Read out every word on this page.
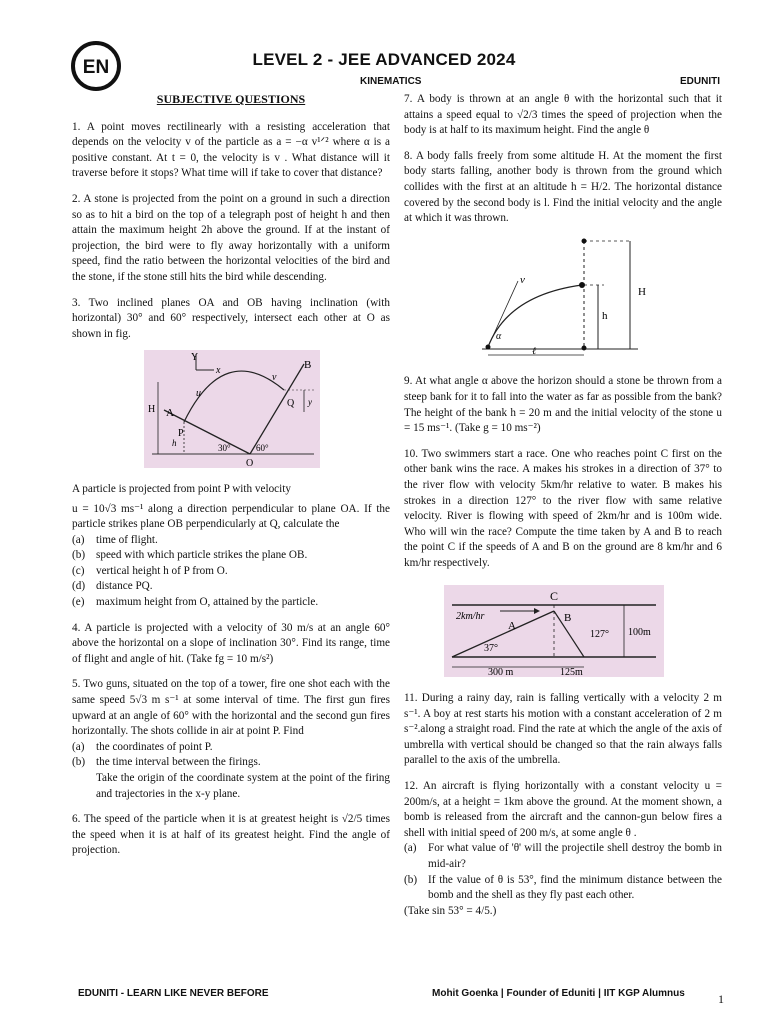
EN	LEVEL 2 - JEE ADVANCED 2024
KINEMATICS	EDUNITI
SUBJECTIVE QUESTIONS

1. A point moves rectilinearly with a resisting acceleration that depends on the velocity v of the particle as a = −α v¹ᐟ² where α is a positive constant. At t = 0, the velocity is v . What distance will it traverse before it stops? What time will if take to cover that distance?

2. A stone is projected from the point on a ground in such a direction so as to hit a bird on the top of a telegraph post of height h and then attain the maximum height 2h above the ground. If at the instant of projection, the bird were to fly away horizontally with a uniform speed, find the ratio between the horizontal velocities of the bird and the stone, if the stone still hits the bird while descending.

3. Two inclined planes OA and OB having inclination (with horizontal) 30° and 60° respectively, intersect each other at O as shown in fig.

Y
x	B
A
H
u
v
Q y
P
h
O
30°	60°

A particle is projected from point P with velocity

u = 10√3 ms⁻¹ along a direction perpendicular to plane OA. If the particle strikes plane OB perpendicularly at Q, calculate the

(a)	time of flight.
(b) speed with which particle strikes the plane OB.
(c)	vertical height h of P from O.
(d) distance PQ.
(e)	maximum height from O, attained by the particle.

4. A particle is projected with a velocity of 30 m/s at an angle 60° above the horizontal on a slope of inclination 30°. Find its range, time of flight and angle of hit. (Take fg = 10 m/s²)

5. Two guns, situated on the top of a tower, fire one shot each with the same speed 5√3 m s⁻¹ at some interval of time. The first gun fires upward at an angle of 60° with the horizontal and the second gun fires horizontally. The shots collide in air at point P. Find

(a)	the coordinates of point P.
(b) the time interval between the firings.

Take the origin of the coordinate system at the point of the firing and trajectories in the x-y plane.

6. The speed of the particle when it is at greatest height is √2/5 times the speed when it is at half of its greatest height. Find the angle of projection.

7. A body is thrown at an angle θ with the horizontal such that it attains a speed equal to √2/3 times the speed of projection when the body is at half to its maximum height. Find the angle θ

8. A body falls freely from some altitude H. At the moment the first body starts falling, another body is thrown from the ground which collides with the first at an altitude h = H/2. The horizontal distance covered by the second body is l. Find the initial velocity and the angle at which it was thrown.

v
α
h
H
ℓ

9. At what angle α above the horizon should a stone be thrown from a steep bank for it to fall into the water as far as possible from the bank? The height of the bank h = 20 m and the initial velocity of the stone u = 15 ms⁻¹. (Take g = 10 ms⁻²)

10. Two swimmers start a race. One who reaches point C first on the other bank wins the race. A makes his strokes in a direction of 37° to the river flow with velocity 5km/hr relative to water. B makes his strokes in a direction 127° to the river flow with same relative velocity. River is flowing with speed of 2km/hr and is 100m wide. Who will win the race? Compute the time taken by A and B to reach the point C if the speeds of A and B on the ground are 8 km/hr and 6 km/hr respectively.

C
2km/hr
A
B
37°
127° 100m
300 m	125m

11. During a rainy day, rain is falling vertically with a velocity 2 m s⁻¹. A boy at rest starts his motion with a constant acceleration of 2 m s⁻².along a straight road. Find the rate at which the angle of the axis of umbrella with vertical should be changed so that the rain always falls parallel to the axis of the umbrella.

12. An aircraft is flying horizontally with a constant velocity u = 200m/s, at a height = 1km above the ground. At the moment shown, a bomb is released from the aircraft and the cannon-gun below fires a shell with initial speed of 200 m/s, at some angle θ .

(a)	For what value of 'θ' will the projectile shell destroy the bomb in mid-air?
(b) If the value of θ is 53°, find the minimum distance between the bomb and the shell as they fly past each other.

(Take sin 53° = 4/5.)

EDUNITI - LEARN LIKE NEVER BEFORE	Mohit Goenka | Founder of Eduniti | IIT KGP Alumnus	1
